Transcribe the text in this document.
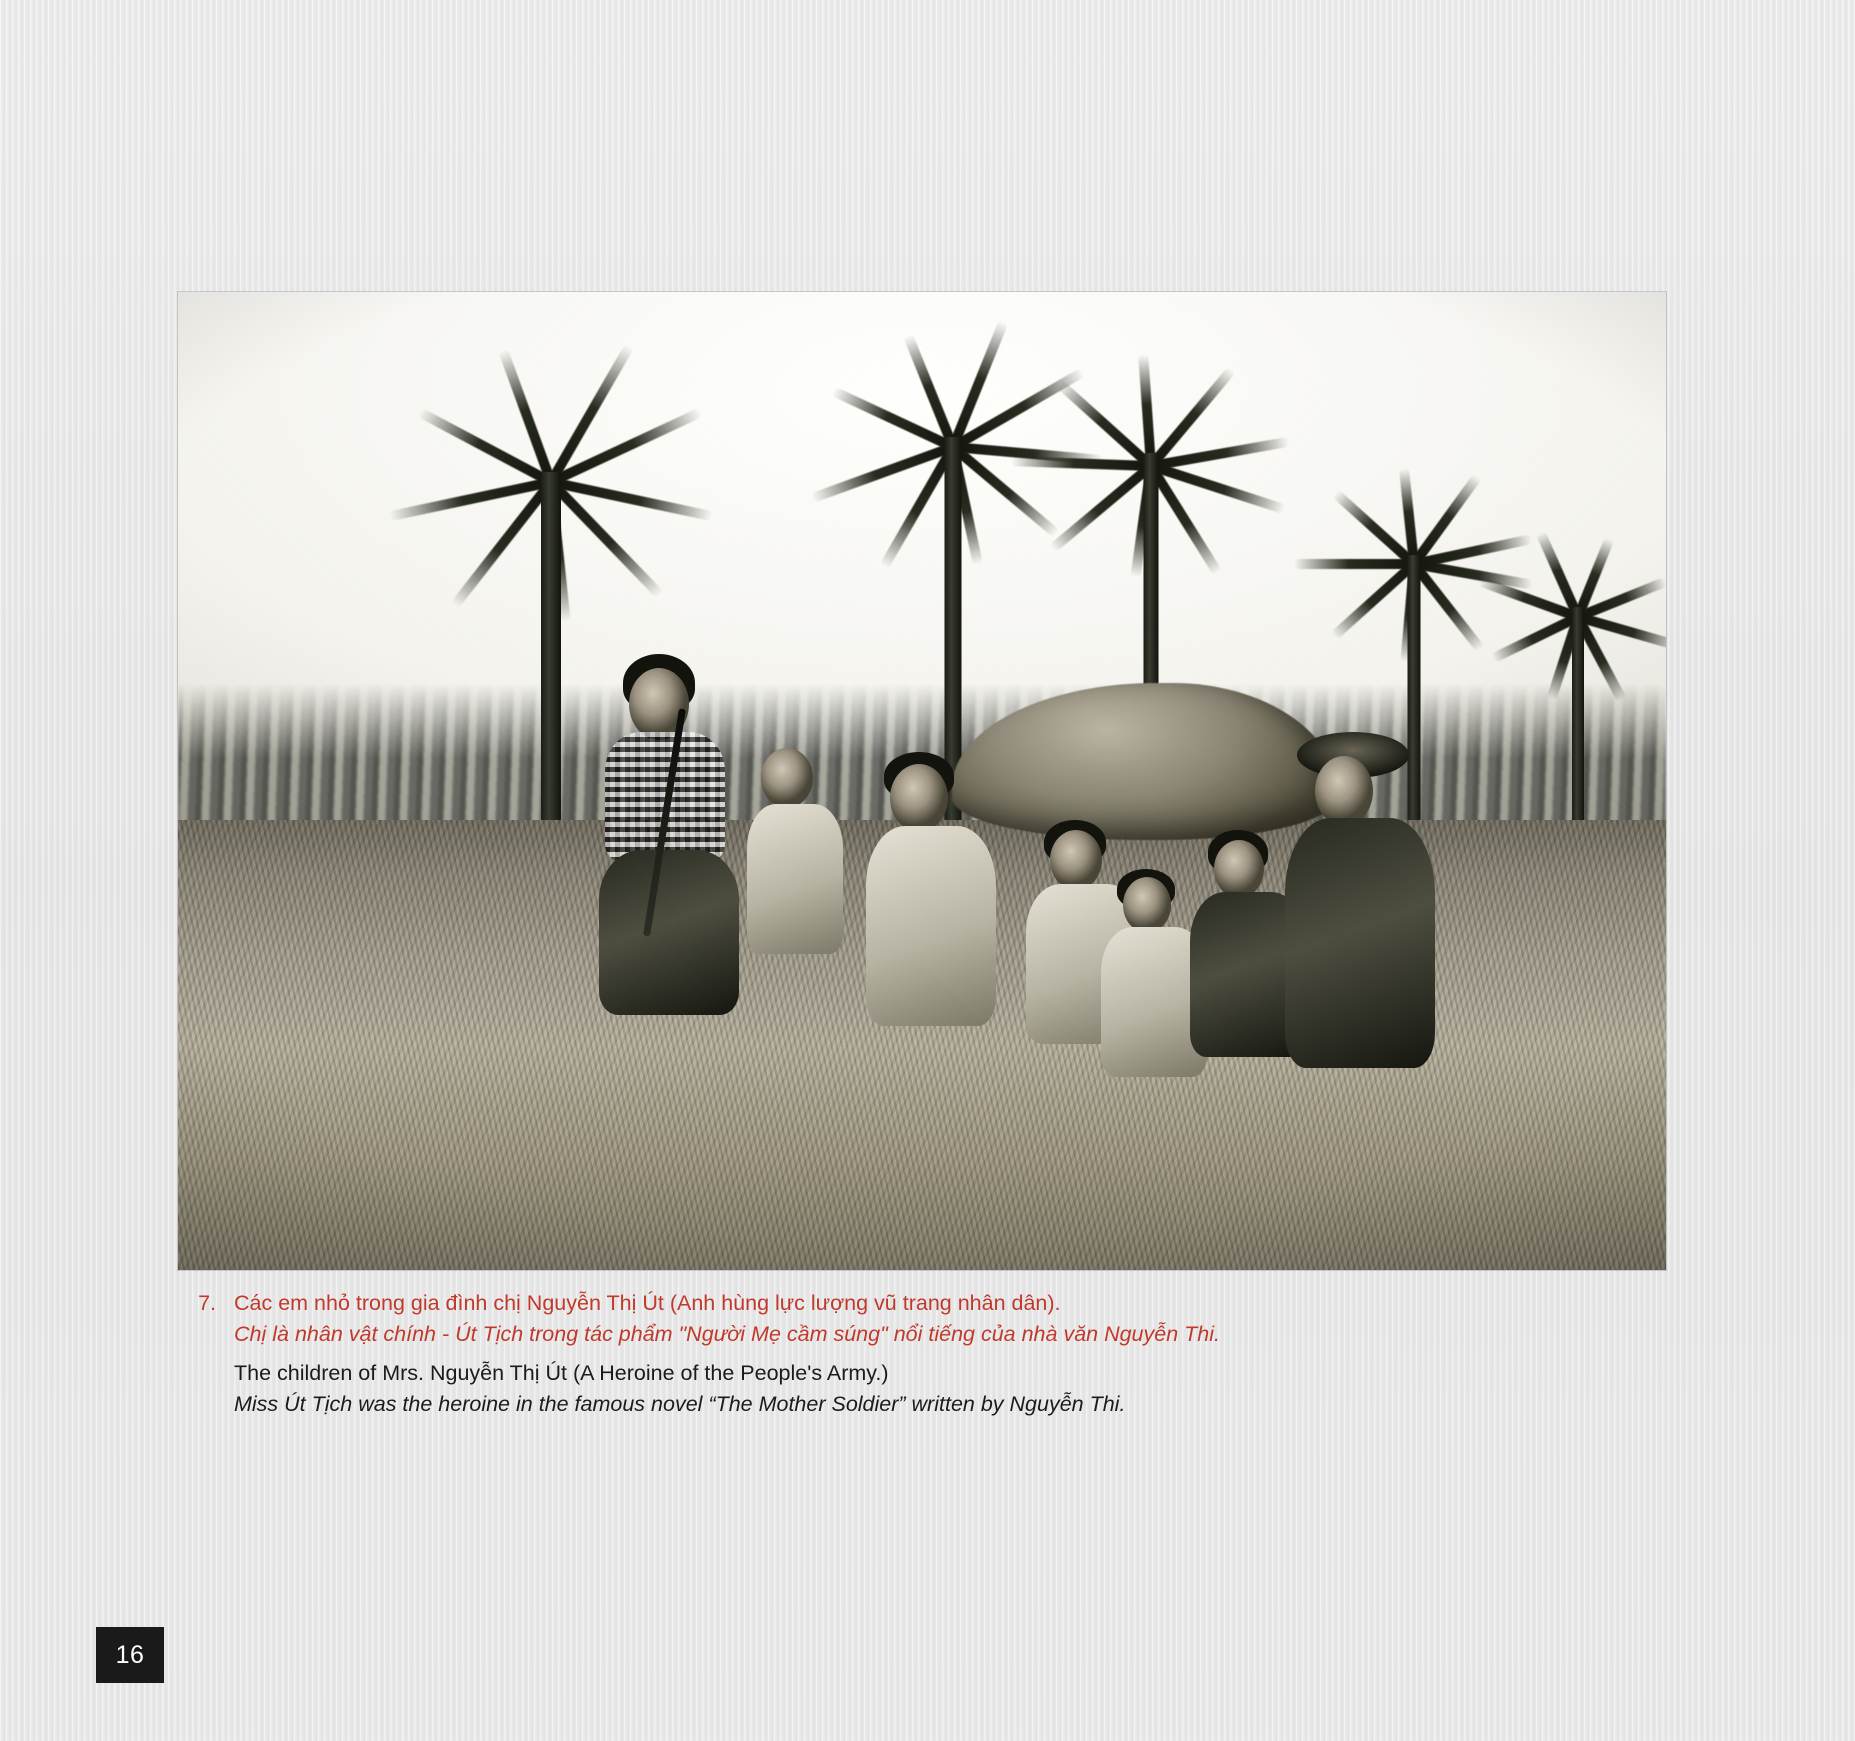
7. Các em nhỏ trong gia đình chị Nguyễn Thị Út (Anh hùng lực lượng vũ trang nhân dân).
Chị là nhân vật chính - Út Tịch trong tác phẩm "Người Mẹ cầm súng" nổi tiếng của nhà văn Nguyễn Thi.
The children of Mrs. Nguyễn Thị Út (A Heroine of the People's Army.)
Miss Út Tịch was the heroine in the famous novel “The Mother Soldier” written by Nguyễn Thi.
16
